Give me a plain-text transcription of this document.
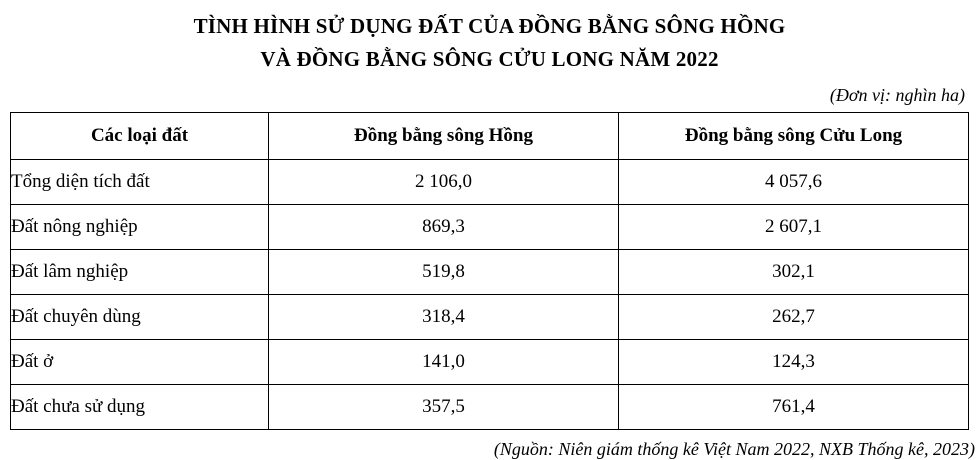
TÌNH HÌNH SỬ DỤNG ĐẤT CỦA ĐỒNG BẰNG SÔNG HỒNG
VÀ ĐỒNG BẰNG SÔNG CỬU LONG NĂM 2022
(Đơn vị: nghìn ha)
Các loại đất	Đồng bằng sông Hồng	Đồng bằng sông Cửu Long
Tổng diện tích đất	2 106,0	4 057,6
Đất nông nghiệp	869,3	2 607,1
Đất lâm nghiệp	519,8	302,1
Đất chuyên dùng	318,4	262,7
Đất ở	141,0	124,3
Đất chưa sử dụng	357,5	761,4
(Nguồn: Niên giám thống kê Việt Nam 2022, NXB Thống kê, 2023)
